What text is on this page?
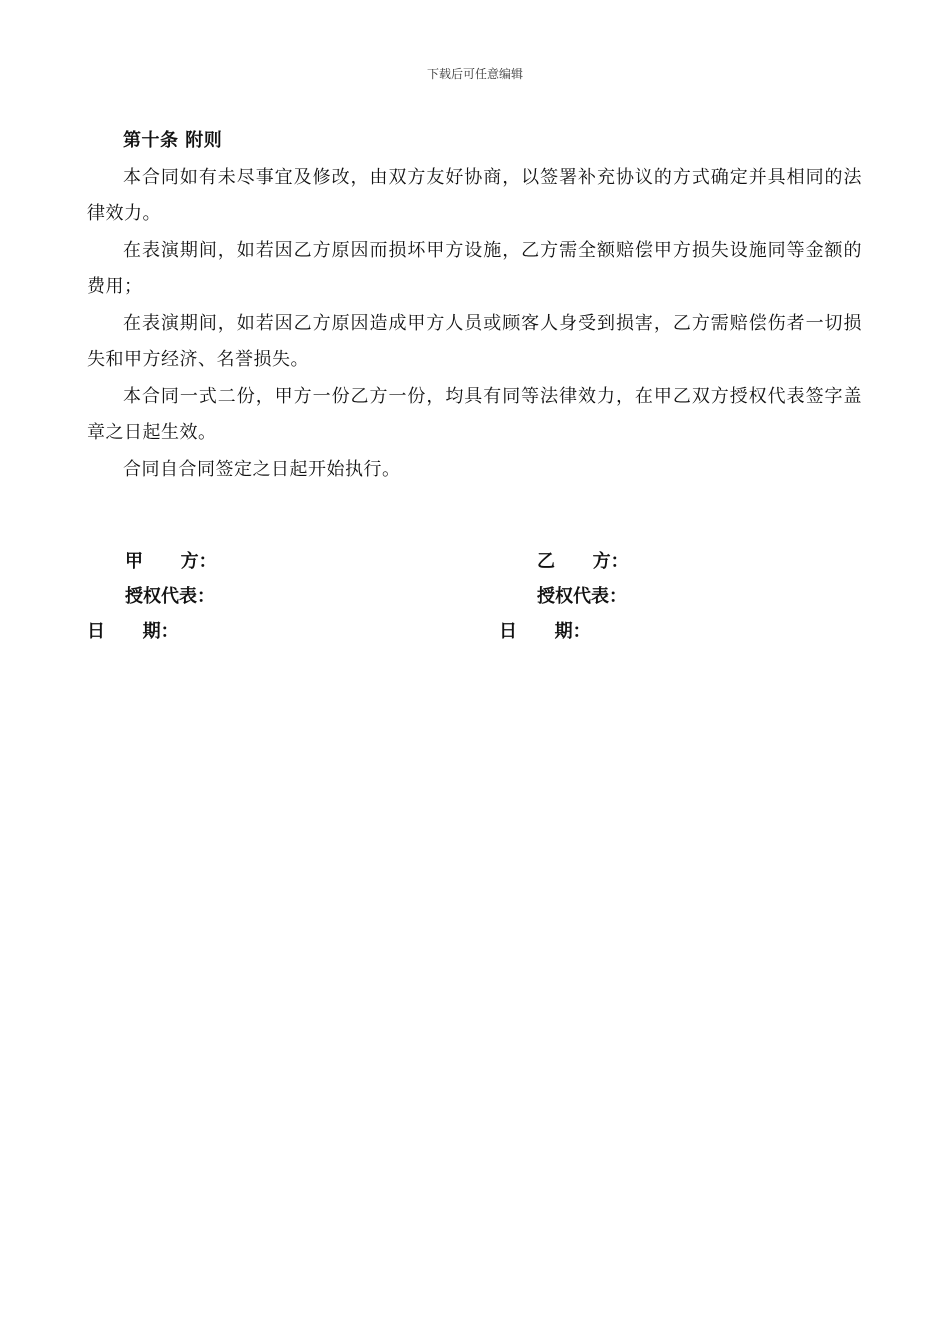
下载后可任意编辑
第十条 附则

本合同如有未尽事宜及修改，由双方友好协商，以签署补充协议的方式确定并具相同的法律效力。

在表演期间，如若因乙方原因而损坏甲方设施，乙方需全额赔偿甲方损失设施同等金额的费用；

在表演期间，如若因乙方原因造成甲方人员或顾客人身受到损害，乙方需赔偿伤者一切损失和甲方经济、名誉损失。

本合同一式二份，甲方一份乙方一份，均具有同等法律效力，在甲乙双方授权代表签字盖章之日起生效。

合同自合同签定之日起开始执行。

甲      方：	乙      方：
授权代表：	授权代表：
日      期：	日      期：
